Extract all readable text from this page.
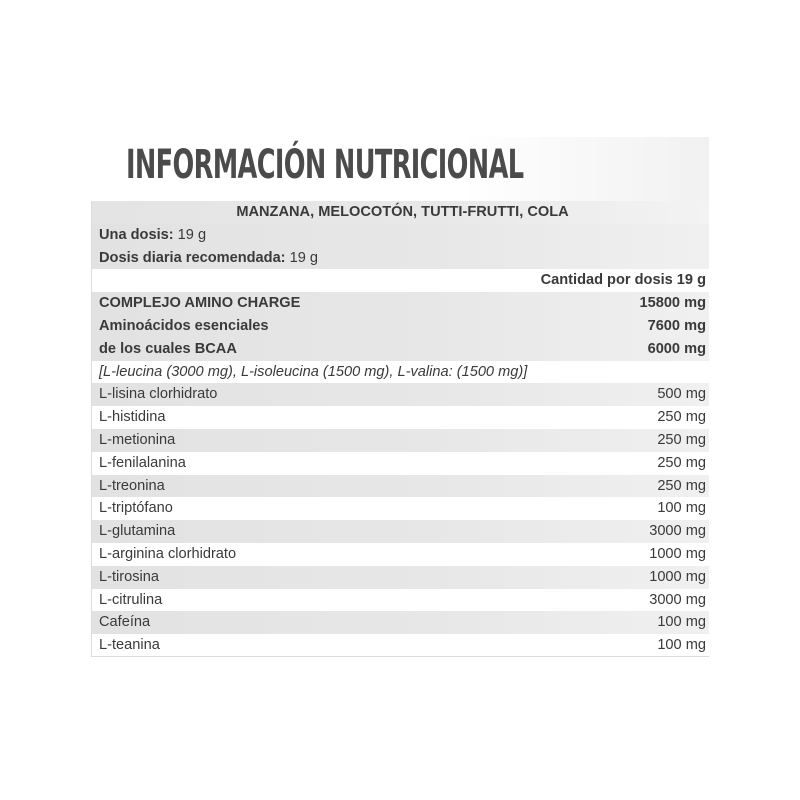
INFORMACIÓN NUTRICIONAL
MANZANA, MELOCOTÓN, TUTTI-FRUTTI, COLA
Una dosis: 19 g
Dosis diaria recomendada: 19 g
Cantidad por dosis 19 g
COMPLEJO AMINO CHARGE	15800 mg
Aminoácidos esenciales	7600 mg
de los cuales BCAA	6000 mg
[L-leucina (3000 mg), L-isoleucina (1500 mg), L-valina: (1500 mg)]
L-lisina clorhidrato	500 mg
L-histidina	250 mg
L-metionina	250 mg
L-fenilalanina	250 mg
L-treonina	250 mg
L-triptófano	100 mg
L-glutamina	3000 mg
L-arginina clorhidrato	1000 mg
L-tirosina	1000 mg
L-citrulina	3000 mg
Cafeína	100 mg
L-teanina	100 mg
